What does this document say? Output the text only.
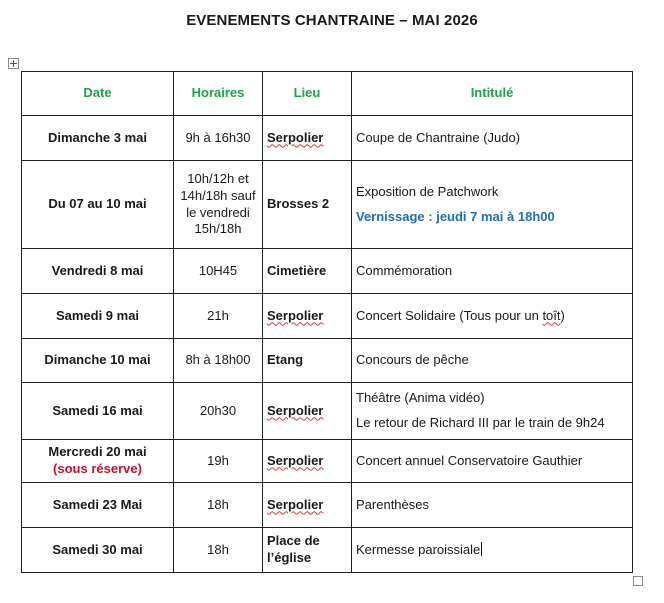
EVENEMENTS CHANTRAINE – MAI 2026
Date	Horaires	Lieu	Intitulé
Dimanche 3 mai	9h à 16h30	Serpolier	Coupe de Chantraine (Judo)
Du 07 au 10 mai	10h/12h et 14h/18h sauf le vendredi 15h/18h	Brosses 2	Exposition de Patchwork
Vernissage : jeudi 7 mai à 18h00

Vendredi 8 mai	10H45	Cimetière	Commémoration
Samedi 9 mai	21h	Serpolier	Concert Solidaire (Tous pour un toît)
Dimanche 10 mai	8h à 18h00	Etang	Concours de pêche
Samedi 16 mai	20h30	Serpolier	Théâtre (Anima vidéo)
Le retour de Richard III par le train de 9h24

Mercredi 20 mai
(sous réserve)	19h	Serpolier	Concert annuel Conservatoire Gauthier
Samedi 23 Mai	18h	Serpolier	Parenthèses
Samedi 30 mai	18h	Place de l’église	Kermesse paroissiale
